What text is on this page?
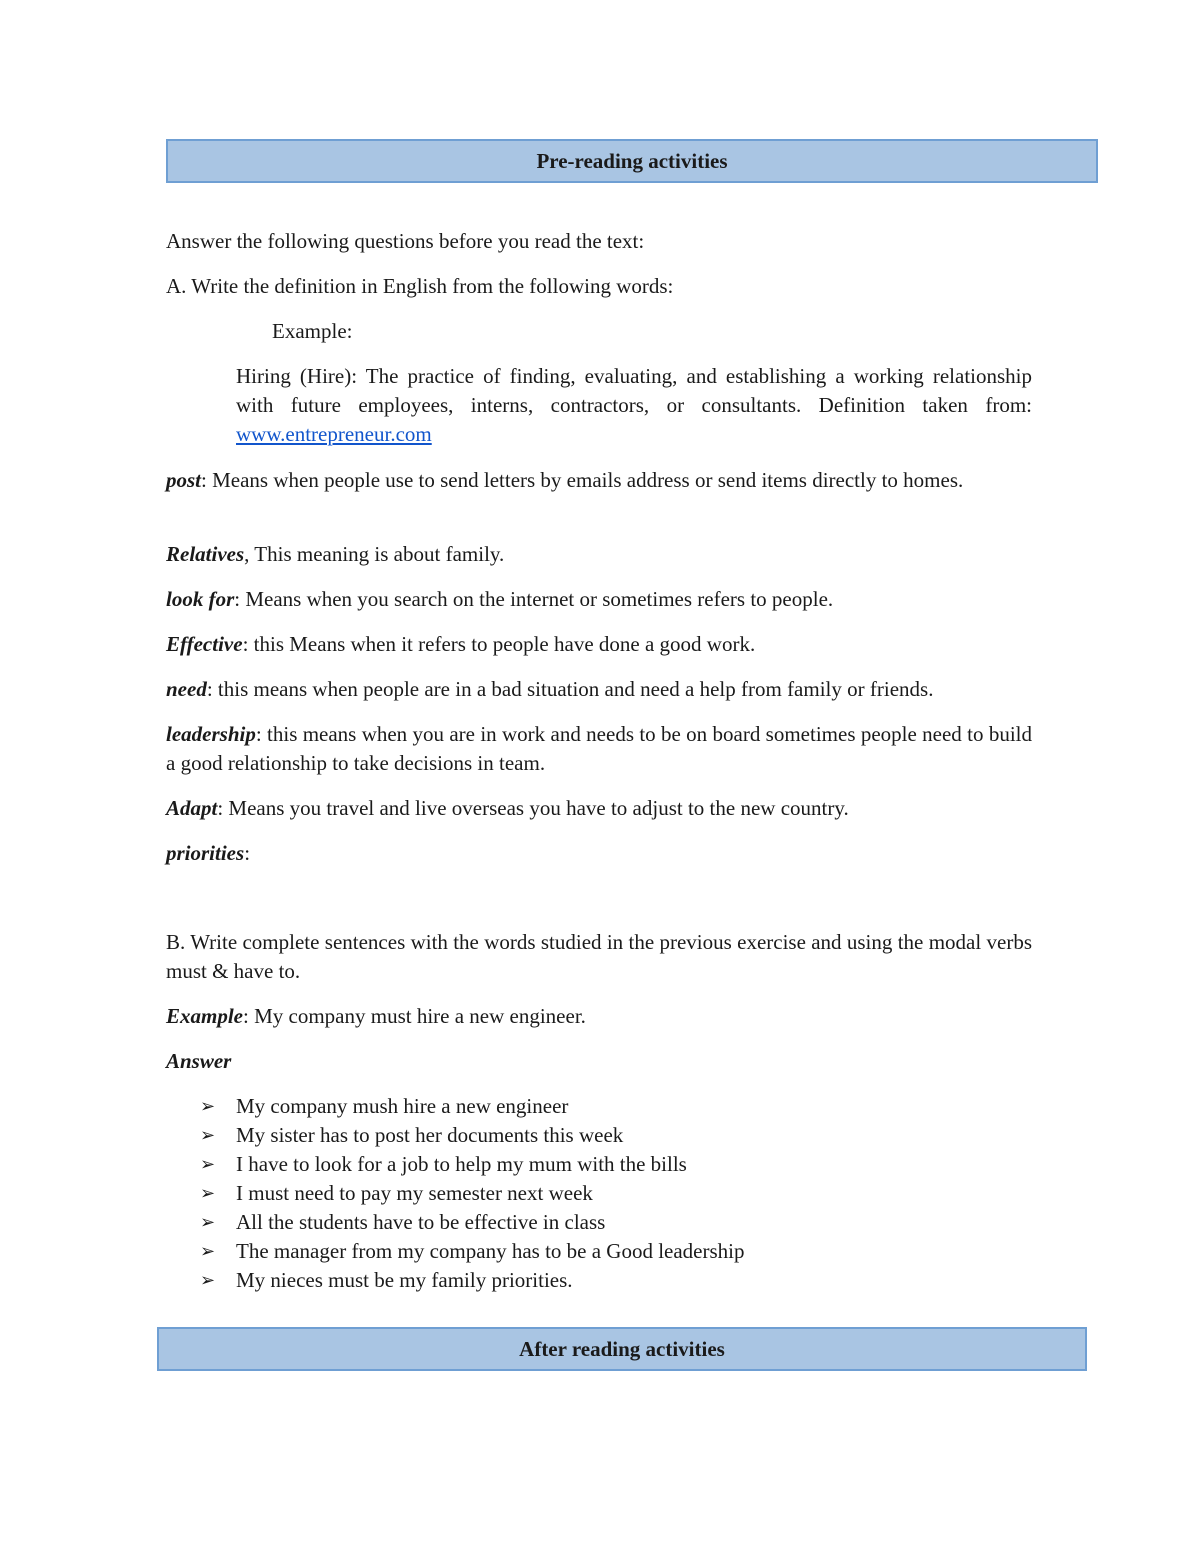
Pre-reading activities
Answer the following questions before you read the text:
A. Write the definition in English from the following words:
Example:
Hiring (Hire): The practice of finding, evaluating, and establishing a working relationship with future employees, interns, contractors, or consultants. Definition taken from: www.entrepreneur.com
post: Means when people use to send letters by emails address or send items directly to homes.
Relatives, This meaning is about family.
look for: Means when you search on the internet or sometimes refers to people.
Effective: this Means when it refers to people have done a good work.
need: this means when people are in a bad situation and need a help from family or friends.
leadership: this means when you are in work and needs to be on board sometimes people need to build a good relationship to take decisions in team.
Adapt: Means you travel and live overseas you have to adjust to the new country.
priorities:
B. Write complete sentences with the words studied in the previous exercise and using the modal verbs must & have to.
Example: My company must hire a new engineer.
Answer
➢ My company mush hire a new engineer
➢ My sister has to post her documents this week
➢ I have to look for a job to help my mum with the bills
➢ I must need to pay my semester next week
➢ All the students have to be effective in class
➢ The manager from my company has to be a Good leadership
➢ My nieces must be my family priorities.
After reading activities
